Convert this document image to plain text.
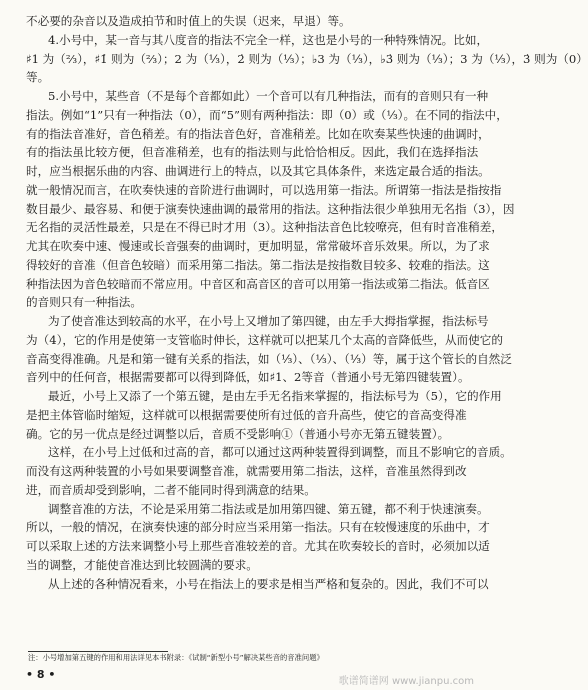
不必要的杂音以及造成拍节和时值上的失误（迟来，早退）等。
4.小号中，某一音与其八度音的指法不完全一样，这也是小号的一种特殊情况。比如，
♯1 为（⅔），♯1̇ 则为（⅔）；2 为（⅓），2̇ 则为（⅓）；♭3 为（⅓），♭3̇ 则为（⅓）；3 为（⅓），3̇ 则为（0）
等。
5.小号中，某些音（不是每个音都如此）一个音可以有几种指法，而有的音则只有一种
指法。例如“1”只有一种指法（0），而“5”则有两种指法：即（0）或（⅓）。在不同的指法中，
有的指法音准好，音色稍差。有的指法音色好，音准稍差。比如在吹奏某些快速的曲调时，
有的指法虽比较方便，但音准稍差，也有的指法则与此恰恰相反。因此，我们在选择指法
时，应当根据乐曲的内容、曲调进行上的特点，以及其它具体条件，来选定最合适的指法。
就一般情况而言，在吹奏快速的音阶进行曲调时，可以选用第一指法。所谓第一指法是指按指
数目最少、最容易、和便于演奏快速曲调的最常用的指法。这种指法很少单独用无名指（3），因
无名指的灵活性最差，只是在不得已时才用（3）。这种指法音色比较嘹亮，但有时音准稍差，
尤其在吹奏中速、慢速或长音强奏的曲调时，更加明显，常常破坏音乐效果。所以，为了求
得较好的音准（但音色较暗）而采用第二指法。第二指法是按指数目较多、较难的指法。这
种指法因为音色较暗而不常应用。中音区和高音区的音可以用第一指法或第二指法。低音区
的音则只有一种指法。
为了使音准达到较高的水平，在小号上又增加了第四键，由左手大拇指掌握，指法标号
为（4），它的作用是使第一支管临时伸长，这样就可以把某几个太高的音降低些，从而使它的
音高变得准确。凡是和第一键有关系的指法，如（⅓）、（⅓）、（⅓）等，属于这个管长的自然泛
音列中的任何音，根据需要都可以得到降低，如♯1、2等音（普通小号无第四键装置）。
最近，小号上又添了一个第五键，是由左手无名指来掌握的，指法标号为（5），它的作用
是把主体管临时缩短，这样就可以根据需要使所有过低的音升高些，使它的音高变得准
确。它的另一优点是经过调整以后，音质不受影响①（普通小号亦无第五键装置）。
这样，在小号上过低和过高的音，都可以通过这两种装置得到调整，而且不影响它的音质。
而没有这两种装置的小号如果要调整音准，就需要用第二指法，这样，音准虽然得到改
进，而音质却受到影响，二者不能同时得到满意的结果。
调整音准的方法，不论是采用第二指法或是加用第四键、第五键，都不利于快速演奏。
所以，一般的情况，在演奏快速的部分时应当采用第一指法。只有在较慢速度的乐曲中，才
可以采取上述的方法来调整小号上那些音准较差的音。尤其在吹奏较长的音时，必须加以适
当的调整，才能使音准达到比较圆满的要求。
从上述的各种情况看来，小号在指法上的要求是相当严格和复杂的。因此，我们不可以
注：小号增加第五键的作用和用法详见本书附录：《试制“新型小号”解决某些音的音准问题》
• 8 •
歌谱简谱网 www.jianpu.com
